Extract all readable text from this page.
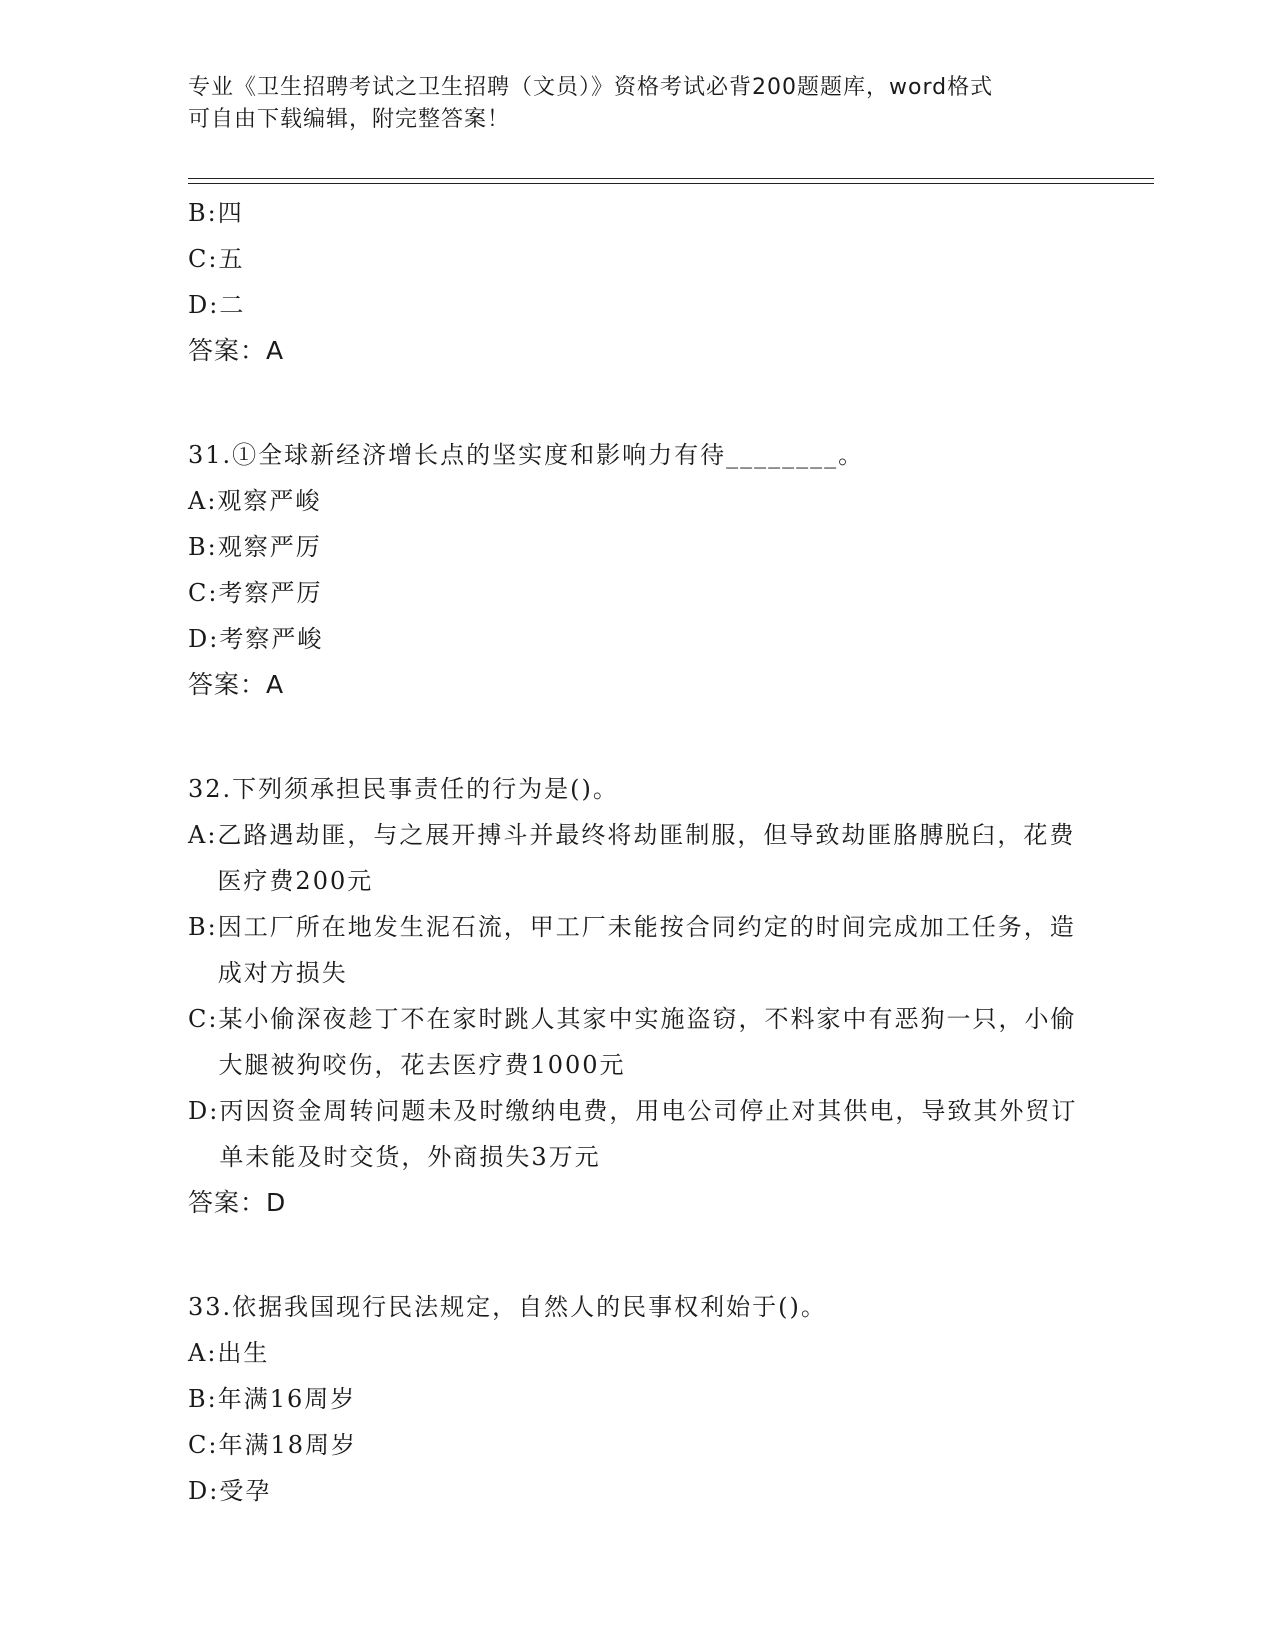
专业《卫生招聘考试之卫生招聘（文员）》资格考试必背200题题库，word格式
可自由下载编辑，附完整答案！

B: 四

C: 五

D: 二

答案：A

31.①全球新经济增长点的坚实度和影响力有待________。

A: 观察严峻

B: 观察严厉

C: 考察严厉

D: 考察严峻

答案：A

32.下列须承担民事责任的行为是()。

A: 乙路遇劫匪，与之展开搏斗并最终将劫匪制服，但导致劫匪胳膊脱臼，花费医疗费200元

B: 因工厂所在地发生泥石流，甲工厂未能按合同约定的时间完成加工任务，造成对方损失

C: 某小偷深夜趁丁不在家时跳人其家中实施盗窃，不料家中有恶狗一只，小偷大腿被狗咬伤，花去医疗费1000元

D: 丙因资金周转问题未及时缴纳电费，用电公司停止对其供电，导致其外贸订单未能及时交货，外商损失3万元

答案：D

33.依据我国现行民法规定，自然人的民事权利始于()。

A: 出生

B: 年满16周岁

C: 年满18周岁

D: 受孕
